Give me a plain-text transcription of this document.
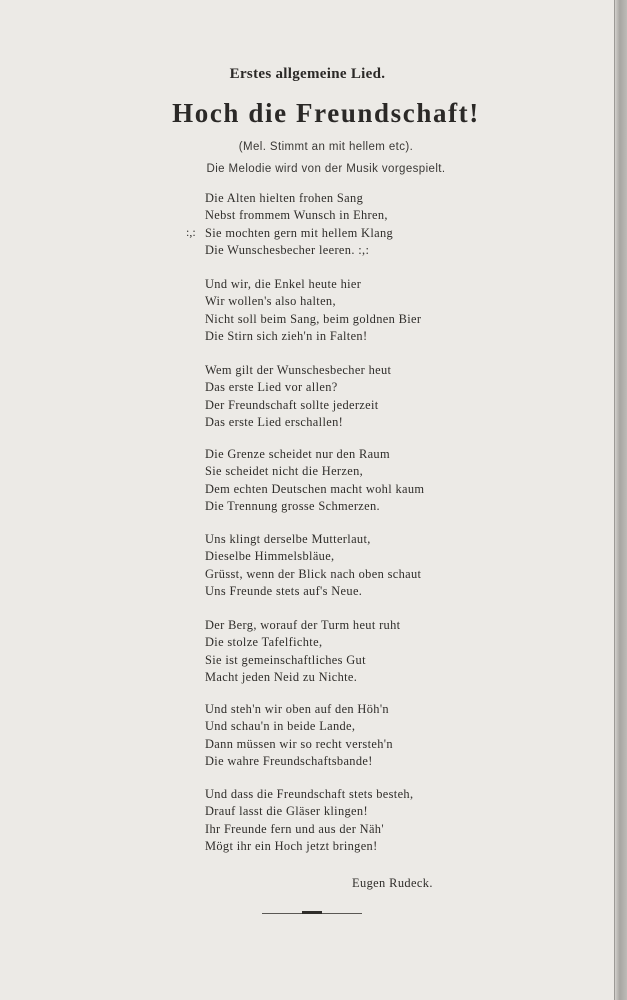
Erstes allgemeine Lied.
Hoch die Freundschaft!
(Mel. Stimmt an mit hellem etc).
Die Melodie wird von der Musik vorgespielt.
:,:
Die Alten hielten frohen Sang
Nebst frommem Wunsch in Ehren,
Sie mochten gern mit hellem Klang
Die Wunschesbecher leeren. :,:
Und wir, die Enkel heute hier
Wir wollen's also halten,
Nicht soll beim Sang, beim goldnen Bier
Die Stirn sich zieh'n in Falten!
Wem gilt der Wunschesbecher heut
Das erste Lied vor allen?
Der Freundschaft sollte jederzeit
Das erste Lied erschallen!
Die Grenze scheidet nur den Raum
Sie scheidet nicht die Herzen,
Dem echten Deutschen macht wohl kaum
Die Trennung grosse Schmerzen.
Uns klingt derselbe Mutterlaut,
Dieselbe Himmelsbläue,
Grüsst, wenn der Blick nach oben schaut
Uns Freunde stets auf's Neue.
Der Berg, worauf der Turm heut ruht
Die stolze Tafelfichte,
Sie ist gemeinschaftliches Gut
Macht jeden Neid zu Nichte.
Und steh'n wir oben auf den Höh'n
Und schau'n in beide Lande,
Dann müssen wir so recht versteh'n
Die wahre Freundschaftsbande!
Und dass die Freundschaft stets besteh,
Drauf lasst die Gläser klingen!
Ihr Freunde fern und aus der Näh'
Mögt ihr ein Hoch jetzt bringen!
Eugen Rudeck.
